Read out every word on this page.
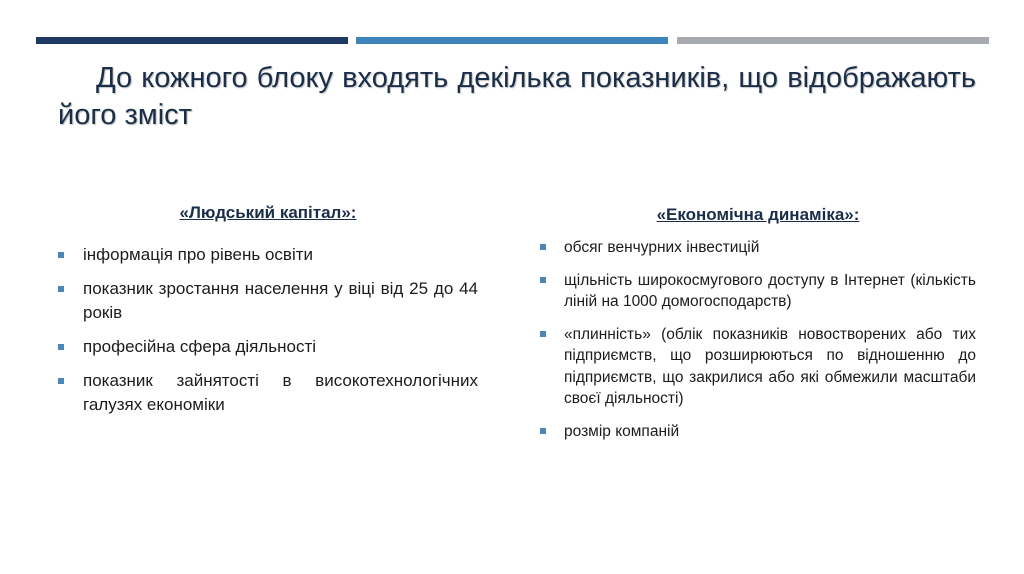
До кожного блоку входять декілька показників, що відображають його зміст
«Людський капітал»:
інформація про рівень освіти
показник зростання населення у віці від 25 до 44 років
професійна сфера діяльності
показник зайнятості в високотехнологічних галузях економіки
«Економічна динаміка»:
обсяг венчурних інвестицій
щільність широкосмугового доступу в Інтернет (кількість ліній на 1000 домогосподарств)
«плинність» (облік показників новостворених або тих підприємств, що розширюються по відношенню до підприємств, що закрилися або які обмежили масштаби своєї діяльності)
розмір компаній
